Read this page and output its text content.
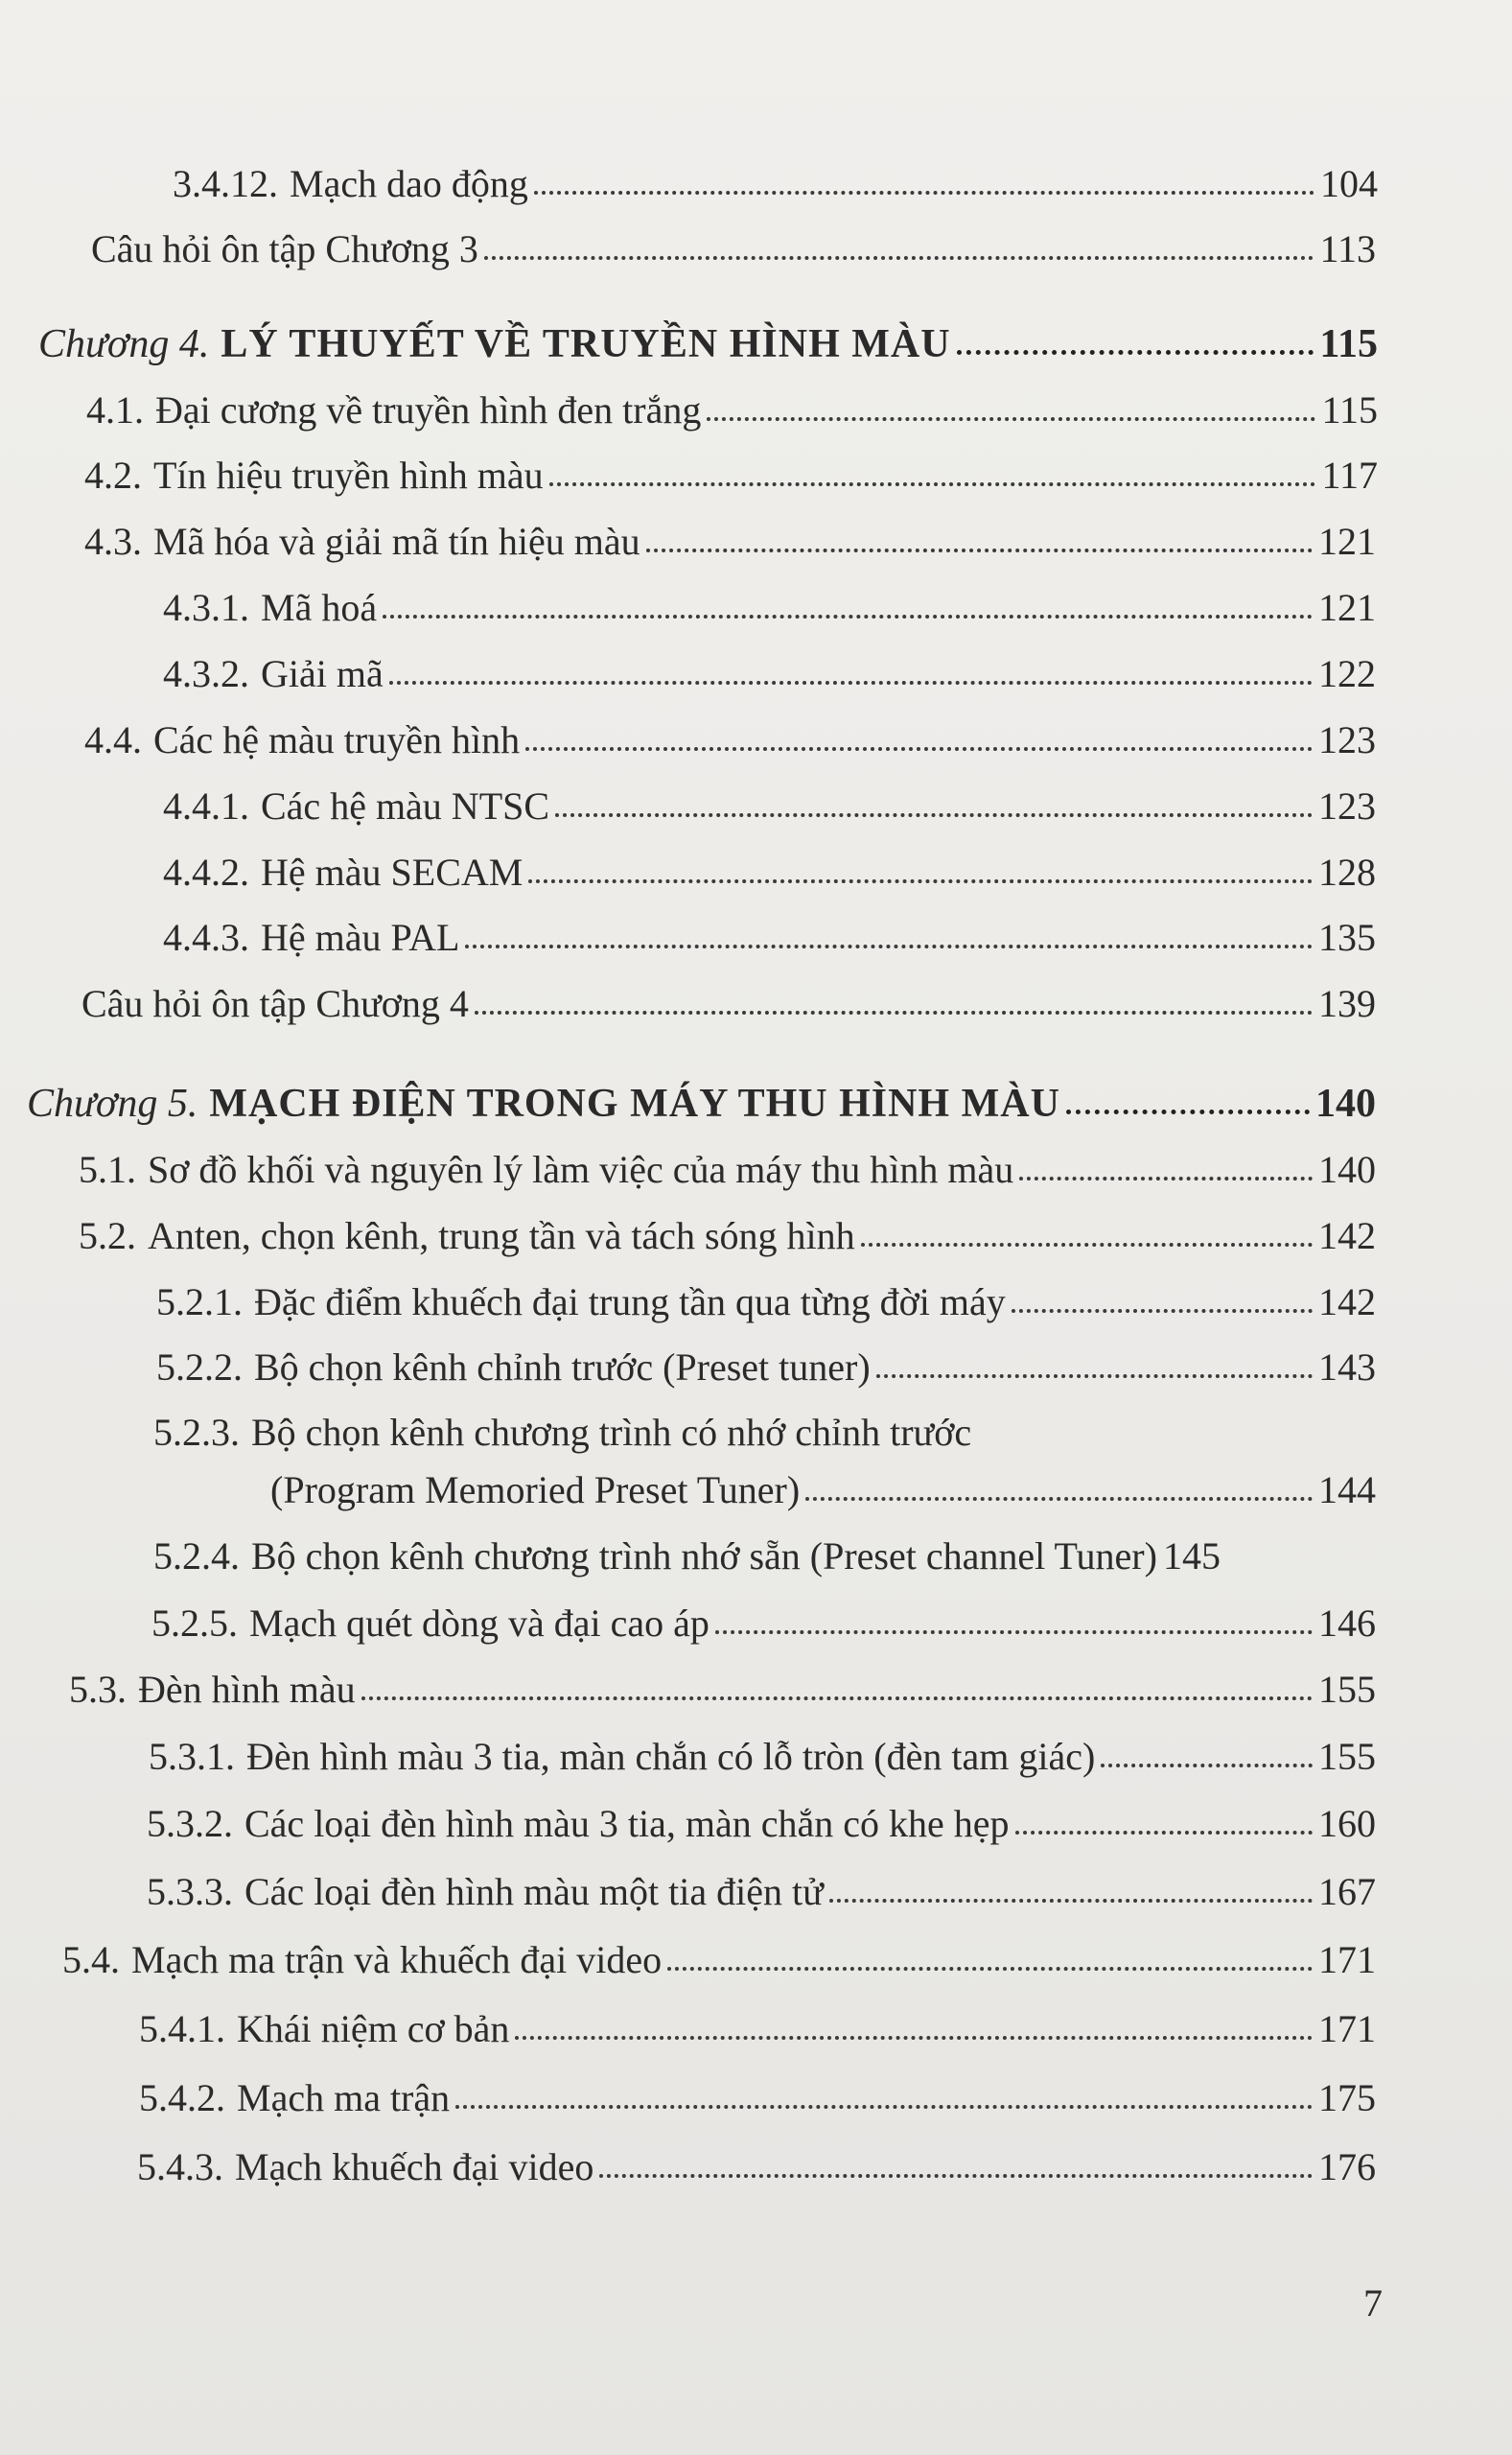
3.4.12. Mạch dao động	104
Câu hỏi ôn tập Chương 3	113
Chương 4. LÝ THUYẾT VỀ TRUYỀN HÌNH MÀU	115
4.1. Đại cương về truyền hình đen trắng	115
4.2. Tín hiệu truyền hình màu	117
4.3. Mã hóa và giải mã tín hiệu màu	121
4.3.1. Mã hoá	121
4.3.2. Giải mã	122
4.4. Các hệ màu truyền hình	123
4.4.1. Các hệ màu NTSC	123
4.4.2. Hệ màu SECAM	128
4.4.3. Hệ màu PAL	135
Câu hỏi ôn tập Chương 4	139
Chương 5. MẠCH ĐIỆN TRONG MÁY THU HÌNH MÀU	140
5.1. Sơ đồ khối và nguyên lý làm việc của máy thu hình màu	140
5.2. Anten, chọn kênh, trung tần và tách sóng hình	142
5.2.1. Đặc điểm khuếch đại trung tần qua từng đời máy	142
5.2.2. Bộ chọn kênh chỉnh trước (Preset tuner)	143
5.2.3. Bộ chọn kênh chương trình có nhớ chỉnh trước
(Program Memoried Preset Tuner)	144
5.2.4. Bộ chọn kênh chương trình nhớ sẵn (Preset channel Tuner) 145
5.2.5. Mạch quét dòng và đại cao áp	146
5.3. Đèn hình màu	155
5.3.1. Đèn hình màu 3 tia, màn chắn có lỗ tròn (đèn tam giác)	155
5.3.2. Các loại đèn hình màu 3 tia, màn chắn có khe hẹp	160
5.3.3. Các loại đèn hình màu một tia điện tử	167
5.4. Mạch ma trận và khuếch đại video	171
5.4.1. Khái niệm cơ bản	171
5.4.2. Mạch ma trận	175
5.4.3. Mạch khuếch đại video	176
7
